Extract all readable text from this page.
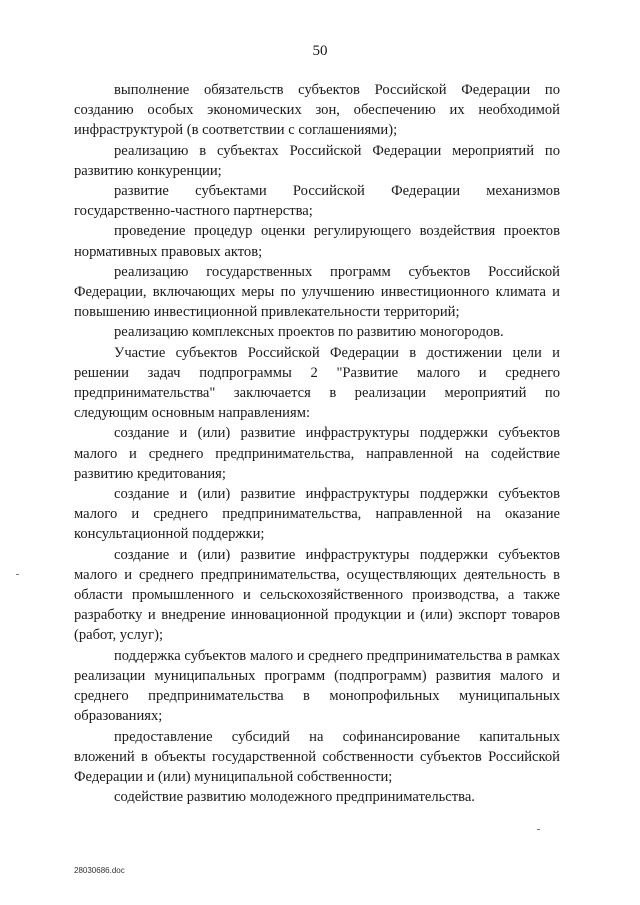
50

выполнение обязательств субъектов Российской Федерации по созданию особых экономических зон, обеспечению их необходимой инфраструктурой (в соответствии с соглашениями);

реализацию в субъектах Российской Федерации мероприятий по развитию конкуренции;

развитие субъектами Российской Федерации механизмов государственно-частного партнерства;

проведение процедур оценки регулирующего воздействия проектов нормативных правовых актов;

реализацию государственных программ субъектов Российской Федерации, включающих меры по улучшению инвестиционного климата и повышению инвестиционной привлекательности территорий;

реализацию комплексных проектов по развитию моногородов.

Участие субъектов Российской Федерации в достижении цели и решении задач подпрограммы 2 "Развитие малого и среднего предпринимательства" заключается в реализации мероприятий по следующим основным направлениям:

создание и (или) развитие инфраструктуры поддержки субъектов малого и среднего предпринимательства, направленной на содействие развитию кредитования;

создание и (или) развитие инфраструктуры поддержки субъектов малого и среднего предпринимательства, направленной на оказание консультационной поддержки;

создание и (или) развитие инфраструктуры поддержки субъектов малого и среднего предпринимательства, осуществляющих деятельность в области промышленного и сельскохозяйственного производства, а также разработку и внедрение инновационной продукции и (или) экспорт товаров (работ, услуг);

поддержка субъектов малого и среднего предпринимательства в рамках реализации муниципальных программ (подпрограмм) развития малого и среднего предпринимательства в монопрофильных муниципальных образованиях;

предоставление субсидий на софинансирование капитальных вложений в объекты государственной собственности субъектов Российской Федерации и (или) муниципальной собственности;

содействие развитию молодежного предпринимательства.

28030686.doc
